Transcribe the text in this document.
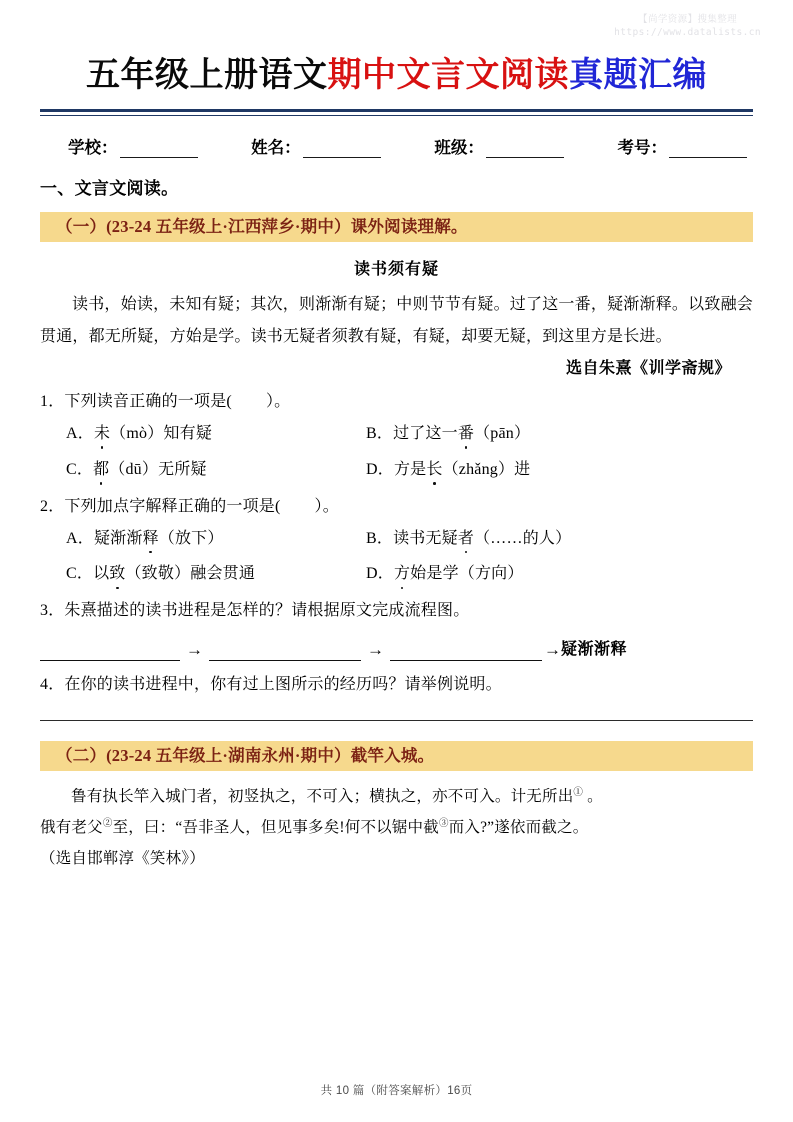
【尚学资源】搜集整理
https://www.datalists.cn
五年级上册语文期中文言文阅读真题汇编
学校：	姓名：	班级：	考号：

一、文言文阅读。

（一）(23-24 五年级上·江西萍乡·期中）课外阅读理解。

读书须有疑

读书，始读，未知有疑；其次，则渐渐有疑；中则节节有疑。过了这一番，疑渐渐释。以致融会贯通，都无所疑，方始是学。读书无疑者须教有疑，有疑，却要无疑，到这里方是长进。

选自朱熹《训学斋规》

1．下列读音正确的一项是( ）。
A．未（mò）知有疑	B．过了这一番（pān）
C．都（dū）无所疑	D．方是长（zhǎng）进
2．下列加点字解释正确的一项是( ）。
A．疑渐渐释（放下）	B．读书无疑者（……的人）
C．以致（致敬）融会贯通	D．方始是学（方向）
3．朱熹描述的读书进程是怎样的？请根据原文完成流程图。
→	→	→ 疑渐渐释
4．在你的读书进程中，你有过上图所示的经历吗？请举例说明。
（二）(23-24 五年级上·湖南永州·期中）截竿入城。

鲁有执长竿入城门者，初竖执之，不可入；横执之，亦不可入。计无所出① 。

俄有老父②至，曰：“吾非圣人，但见事多矣!何不以锯中截③而入?”遂依而截之。

（选自邯郸淳《笑林》）

共 10 篇（附答案解析）16页
